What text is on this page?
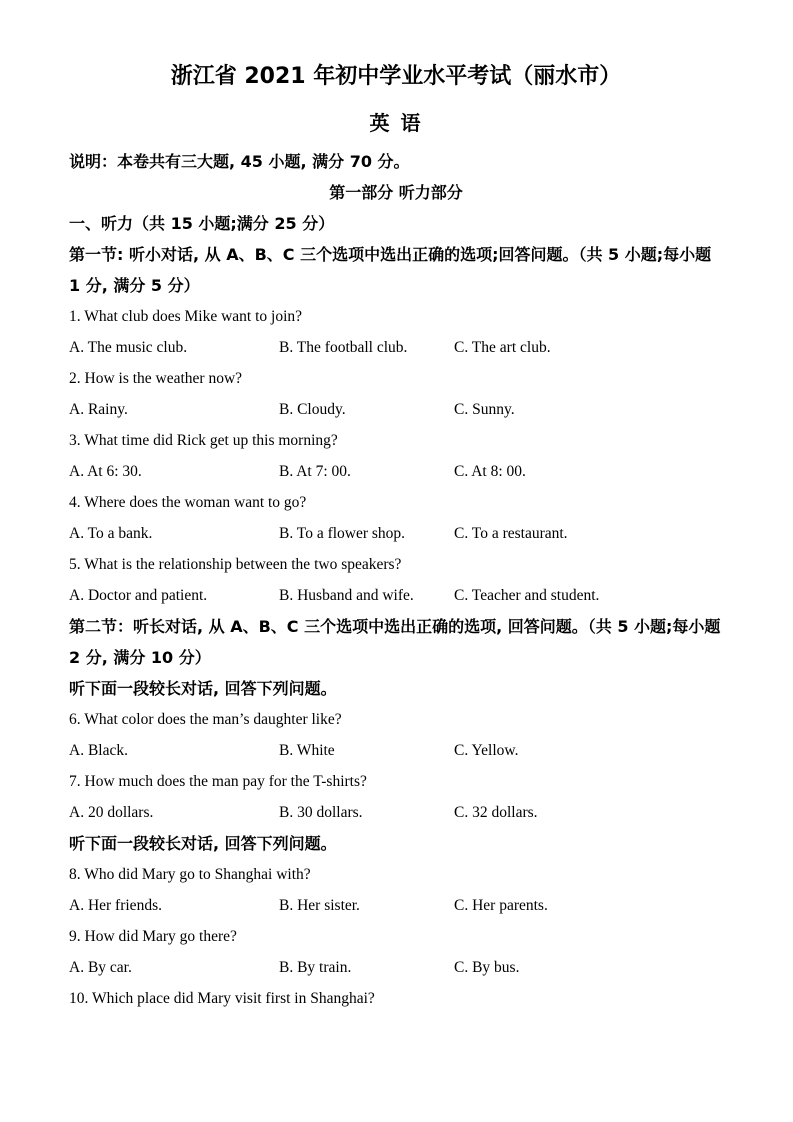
浙江省 2021 年初中学业水平考试（丽水市）
英 语

说明：本卷共有三大题, 45 小题, 满分 70 分。

第一部分 听力部分

一、听力（共 15 小题;满分 25 分）

第一节: 听小对话, 从 A、B、C 三个选项中选出正确的选项;回答问题。（共 5 小题;每小题 1 分, 满分 5 分）

1. What club does Mike want to join?

A. The music club.	B. The football club.	C. The art club.

2. How is the weather now?

A. Rainy.	B. Cloudy.	C. Sunny.

3. What time did Rick get up this morning?

A. At 6: 30.	B. At 7: 00.	C. At 8: 00.

4. Where does the woman want to go?

A. To a bank.	B. To a flower shop.	C. To a restaurant.

5. What is the relationship between the two speakers?

A. Doctor and patient.	B. Husband and wife.	C. Teacher and student.

第二节：听长对话, 从 A、B、C 三个选项中选出正确的选项, 回答问题。（共 5 小题;每小题 2 分, 满分 10 分）

听下面一段较长对话, 回答下列问题。

6. What color does the man’s daughter like?

A. Black.	B. White	C. Yellow.

7. How much does the man pay for the T-shirts?

A. 20 dollars.	B. 30 dollars.	C. 32 dollars.

听下面一段较长对话, 回答下列问题。

8. Who did Mary go to Shanghai with?

A. Her friends.	B. Her sister.	C. Her parents.

9. How did Mary go there?

A. By car.	B. By train.	C. By bus.

10. Which place did Mary visit first in Shanghai?
